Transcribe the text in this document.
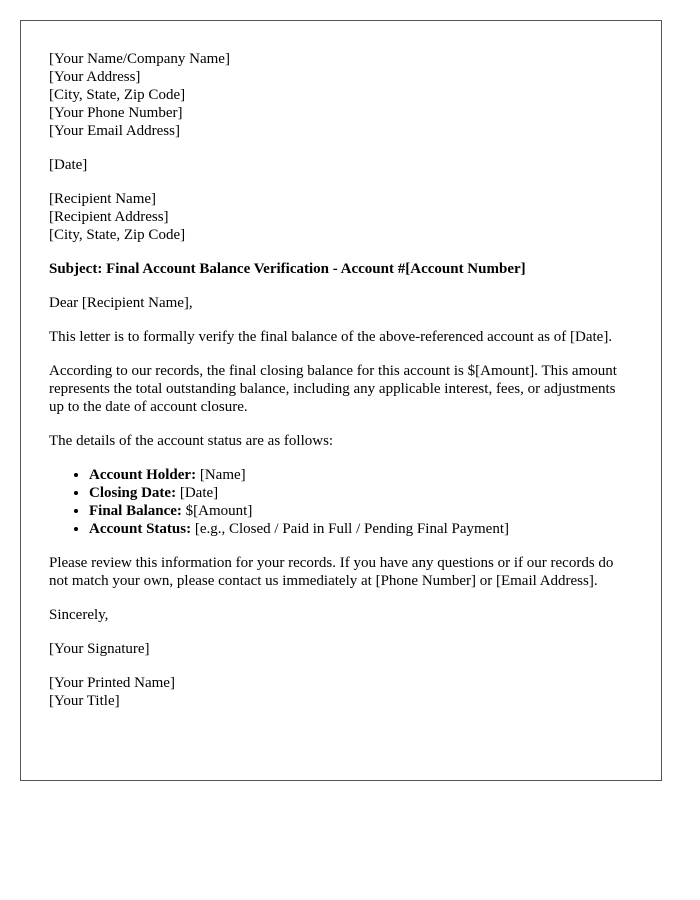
[Your Name/Company Name]
[Your Address]
[City, State, Zip Code]
[Your Phone Number]
[Your Email Address]

[Date]

[Recipient Name]
[Recipient Address]
[City, State, Zip Code]

Subject: Final Account Balance Verification - Account #[Account Number]

Dear [Recipient Name],

This letter is to formally verify the final balance of the above-referenced account as of [Date].

According to our records, the final closing balance for this account is $[Amount]. This amount represents the total outstanding balance, including any applicable interest, fees, or adjustments up to the date of account closure.

The details of the account status are as follows:

• Account Holder: [Name]
• Closing Date: [Date]
• Final Balance: $[Amount]
• Account Status: [e.g., Closed / Paid in Full / Pending Final Payment]

Please review this information for your records. If you have any questions or if our records do not match your own, please contact us immediately at [Phone Number] or [Email Address].

Sincerely,

[Your Signature]

[Your Printed Name]
[Your Title]
